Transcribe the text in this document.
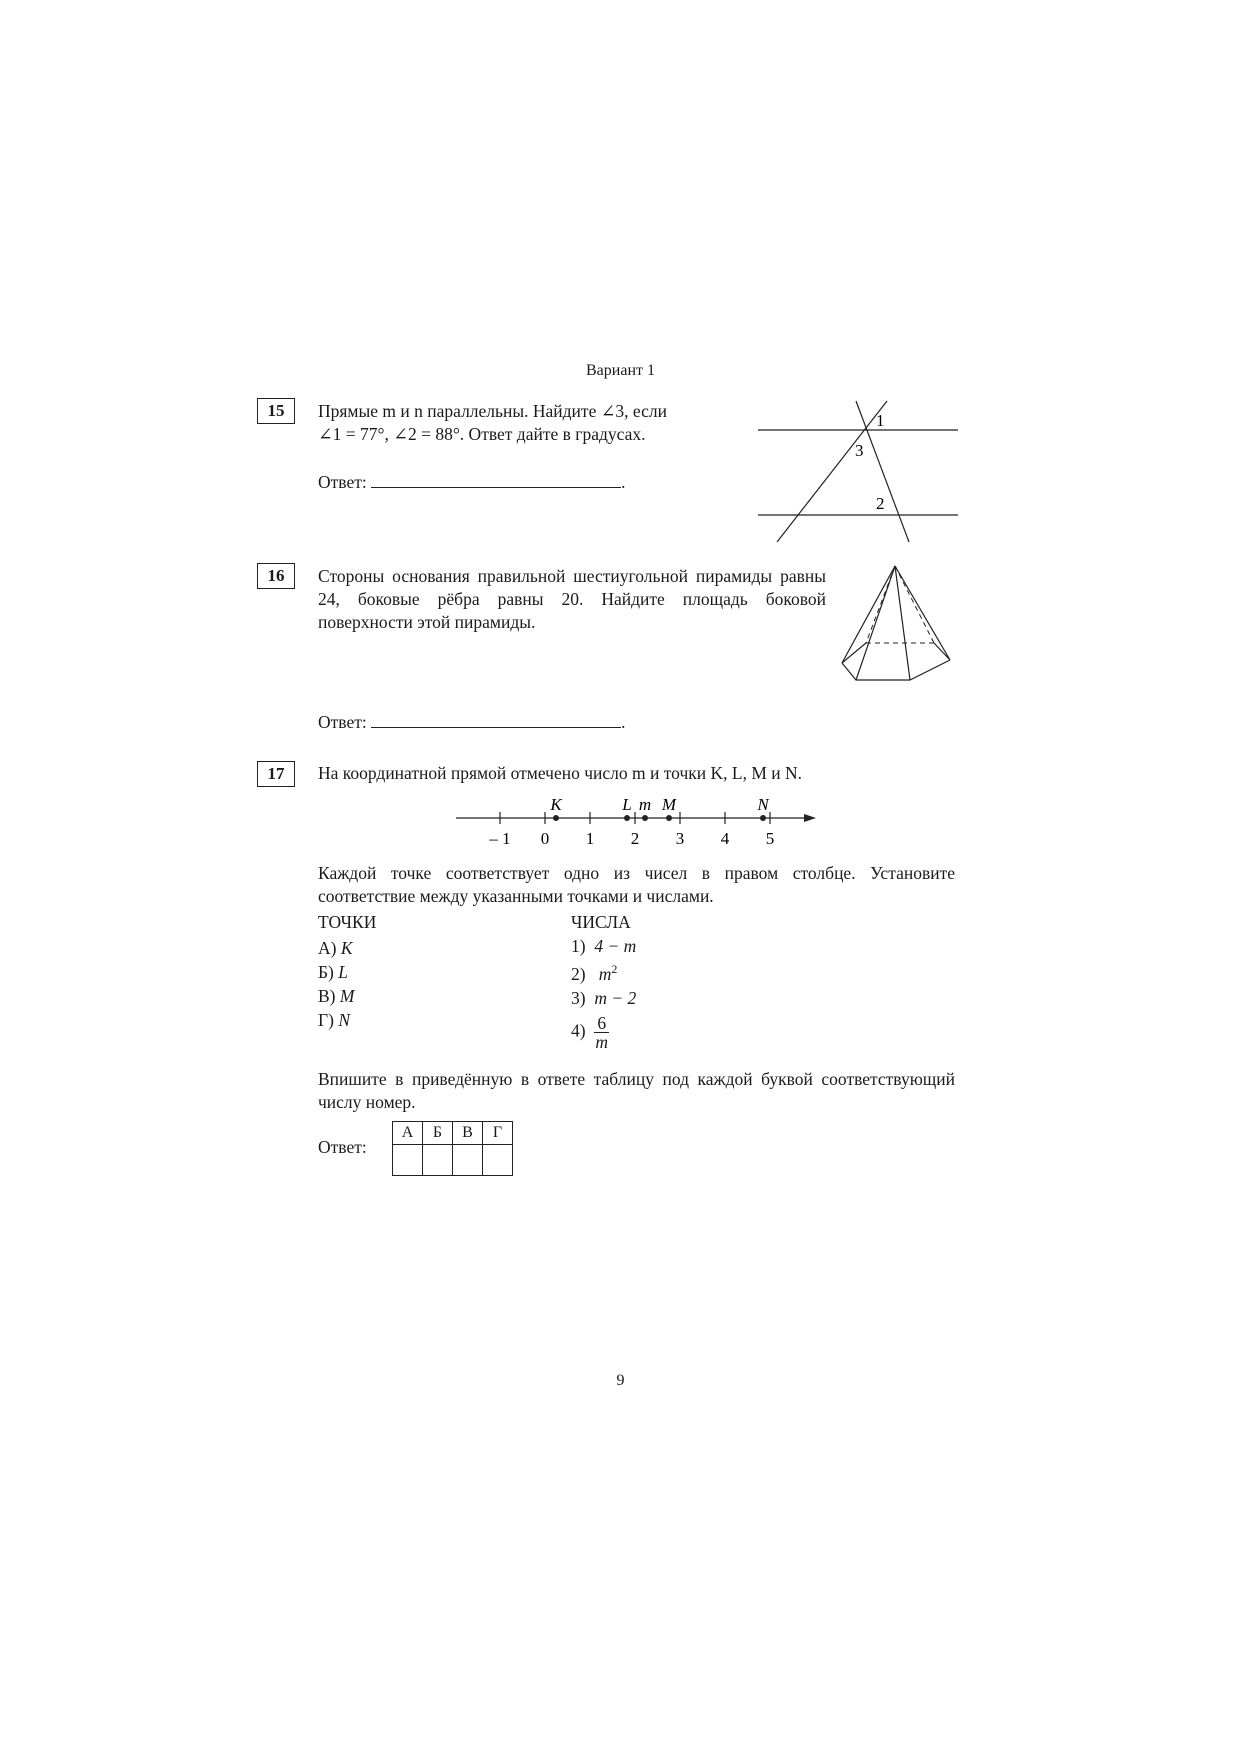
Вариант 1
15	Прямые m и n параллельны. Найдите ∠3, если
∠1 = 77°, ∠2 = 88°. Ответ дайте в градусах.
Ответ:	.
1
3
2
16	Стороны основания правильной шестиугольной пирамиды равны 24, боковые рёбра равны 20. Найдите площадь боковой поверхности этой пирамиды.
Ответ:	.
17	На координатной прямой отмечено число m и точки K, L, M и N.
– 1 0 1 2 3 4 5
K	L m M	N
Каждой точке соответствует одно из чисел в правом столбце. Установите соответствие между указанными точками и числами.
ТОЧКИ	ЧИСЛА
А) K
Б) L
В) M
Г) N
1) 4 − m
2) $m^2$
3) m − 2
$4) \frac{6}{m}$
Впишите в приведённую в ответе таблицу под каждой буквой соответствующий числу номер.
Ответ:
А	Б	В	Г

9
